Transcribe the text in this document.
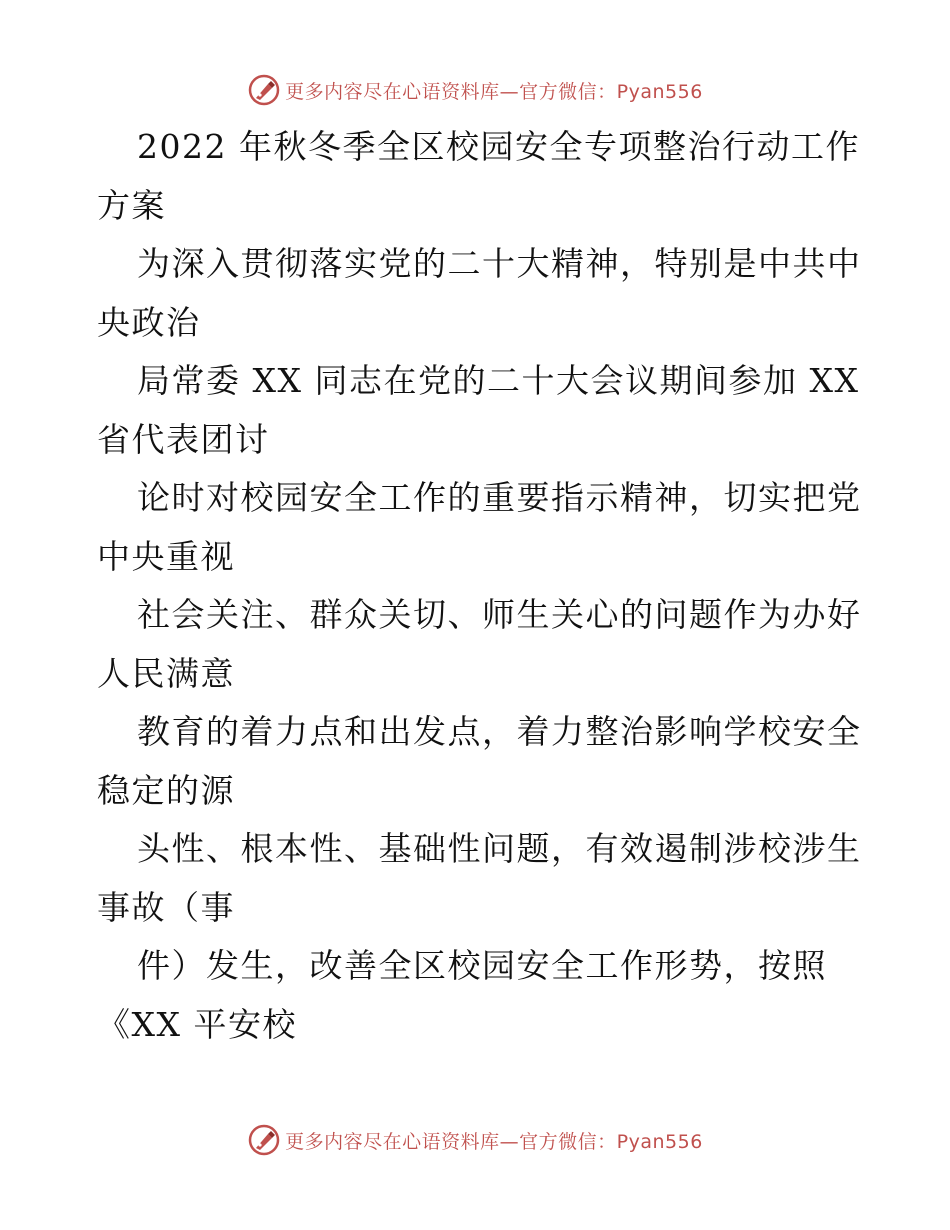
更多内容尽在心语资料库—官方微信：Pyan556
2022 年秋冬季全区校园安全专项整治行动工作
方案
为深入贯彻落实党的二十大精神，特别是中共中
央政治
局常委 XX 同志在党的二十大会议期间参加 XX
省代表团讨
论时对校园安全工作的重要指示精神，切实把党
中央重视
社会关注、群众关切、师生关心的问题作为办好
人民满意
教育的着力点和出发点，着力整治影响学校安全
稳定的源
头性、根本性、基础性问题，有效遏制涉校涉生
事故（事
件）发生，改善全区校园安全工作形势，按照
《XX 平安校
更多内容尽在心语资料库—官方微信：Pyan556
